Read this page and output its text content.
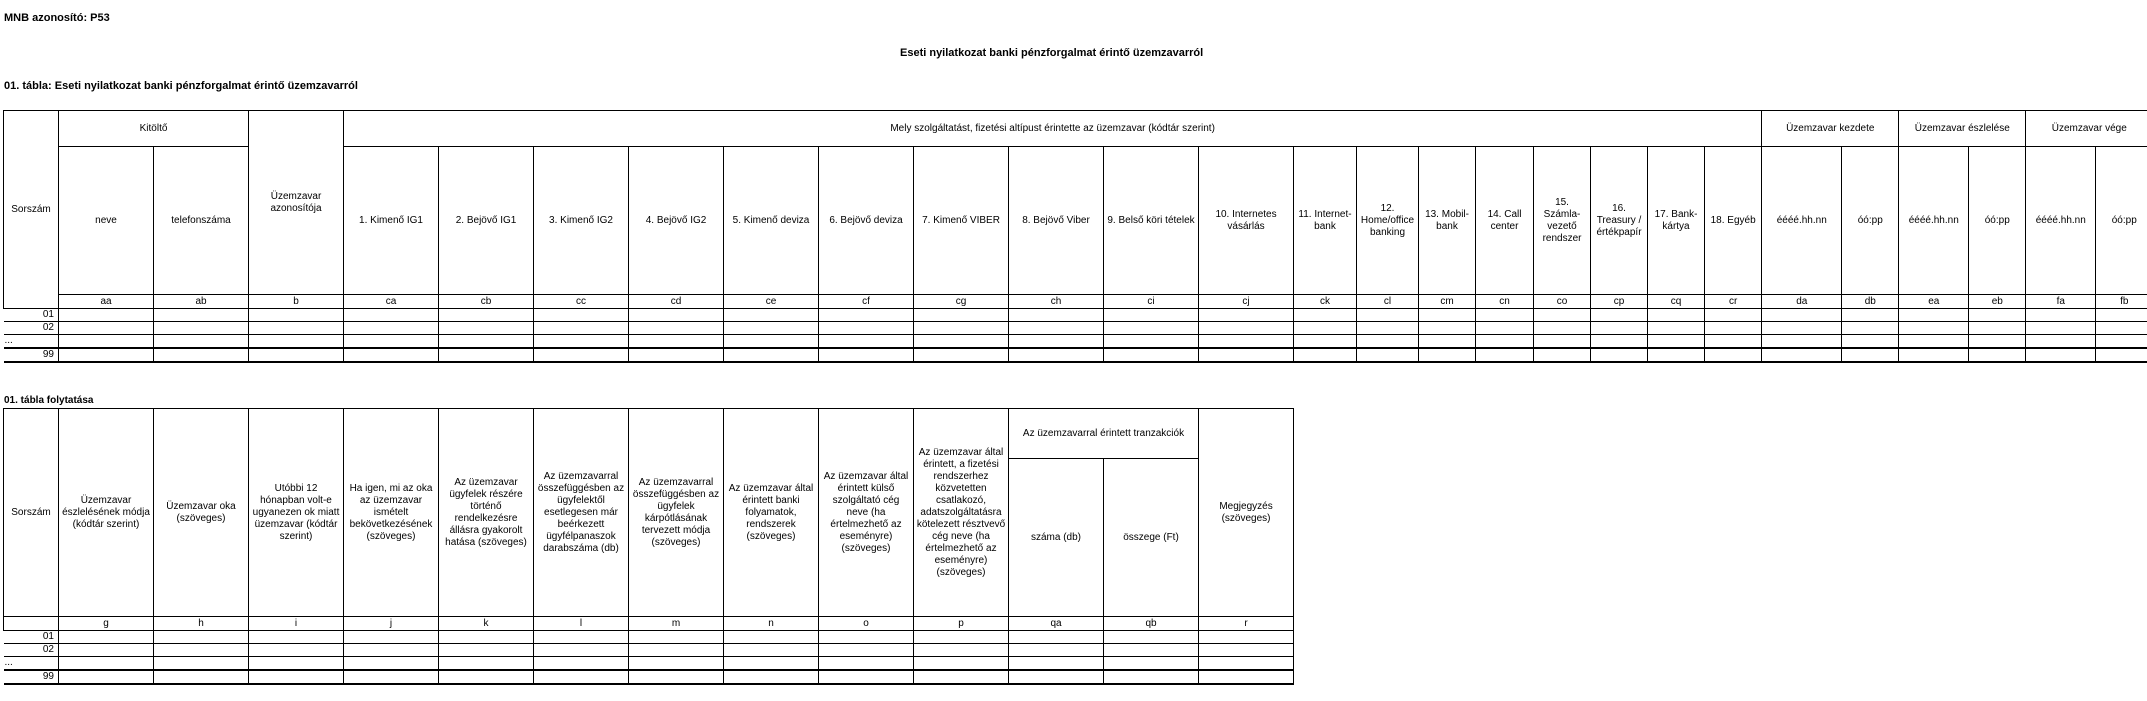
MNB azonosító: P53
Eseti nyilatkozat banki pénzforgalmat érintő üzemzavarról
01. tábla: Eseti nyilatkozat banki pénzforgalmat érintő üzemzavarról
Sorszám	Kitöltő		Üzemzavar azonosítója	Mely szolgáltatást, fizetési altípust érintette az üzemzavar (kódtár szerint)																		Üzemzavar kezdete		Üzemzavar észlelése		Üzemzavar vége	
	neve	telefonszáma		1. Kimenő IG1	2. Bejövő IG1	3. Kimenő IG2	4. Bejövő IG2	5. Kimenő deviza	6. Bejövő deviza	7. Kimenő VIBER	8. Bejövő Viber	9. Belső köri tételek	10. Internetes vásárlás	11. Internet-bank	12. Home/office banking	13. Mobil-bank	14. Call center	15. Számla-vezető rendszer	16. Treasury /értékpapír	17. Bank-kártya	18. Egyéb	éééé.hh.nn	óó:pp	éééé.hh.nn	óó:pp	éééé.hh.nn	óó:pp
	aa	ab	b	ca	cb	cc	cd	ce	cf	cg	ch	ci	cj	ck	cl	cm	cn	co	cp	cq	cr	da	db	ea	eb	fa	fb
01																											
02																											
...																											
99																											
01. tábla folytatása
Sorszám	Üzemzavar észlelésének módja (kódtár szerint)	Üzemzavar oka (szöveges)	Utóbbi 12 hónapban volt-e ugyanezen ok miatt üzemzavar (kódtár szerint)	Ha igen, mi az oka az üzemzavar ismételt bekövetkezésének (szöveges)	Az üzemzavar ügyfelek részére történő rendelkezésre állásra gyakorolt hatása (szöveges)	Az üzemzavarral összefüggésben az ügyfelektől esetlegesen már beérkezett ügyfélpanaszok darabszáma (db)	Az üzemzavarral összefüggésben az ügyfelek kárpótlásának tervezett módja (szöveges)	Az üzemzavar által érintett banki folyamatok, rendszerek (szöveges)	Az üzemzavar által érintett külső szolgáltató cég neve (ha értelmezhető az eseményre) (szöveges)	Az üzemzavar által érintett, a fizetési rendszerhez közvetetten csatlakozó, adatszolgáltatásra kötelezett résztvevő cég neve (ha értelmezhető az eseményre) (szöveges)	Az üzemzavarral érintett tranzakciók		Megjegyzés (szöveges)
											száma (db)	összege (Ft)	
	g	h	i	j	k	l	m	n	o	p	qa	qb	r
01													
02													
...													
99													
